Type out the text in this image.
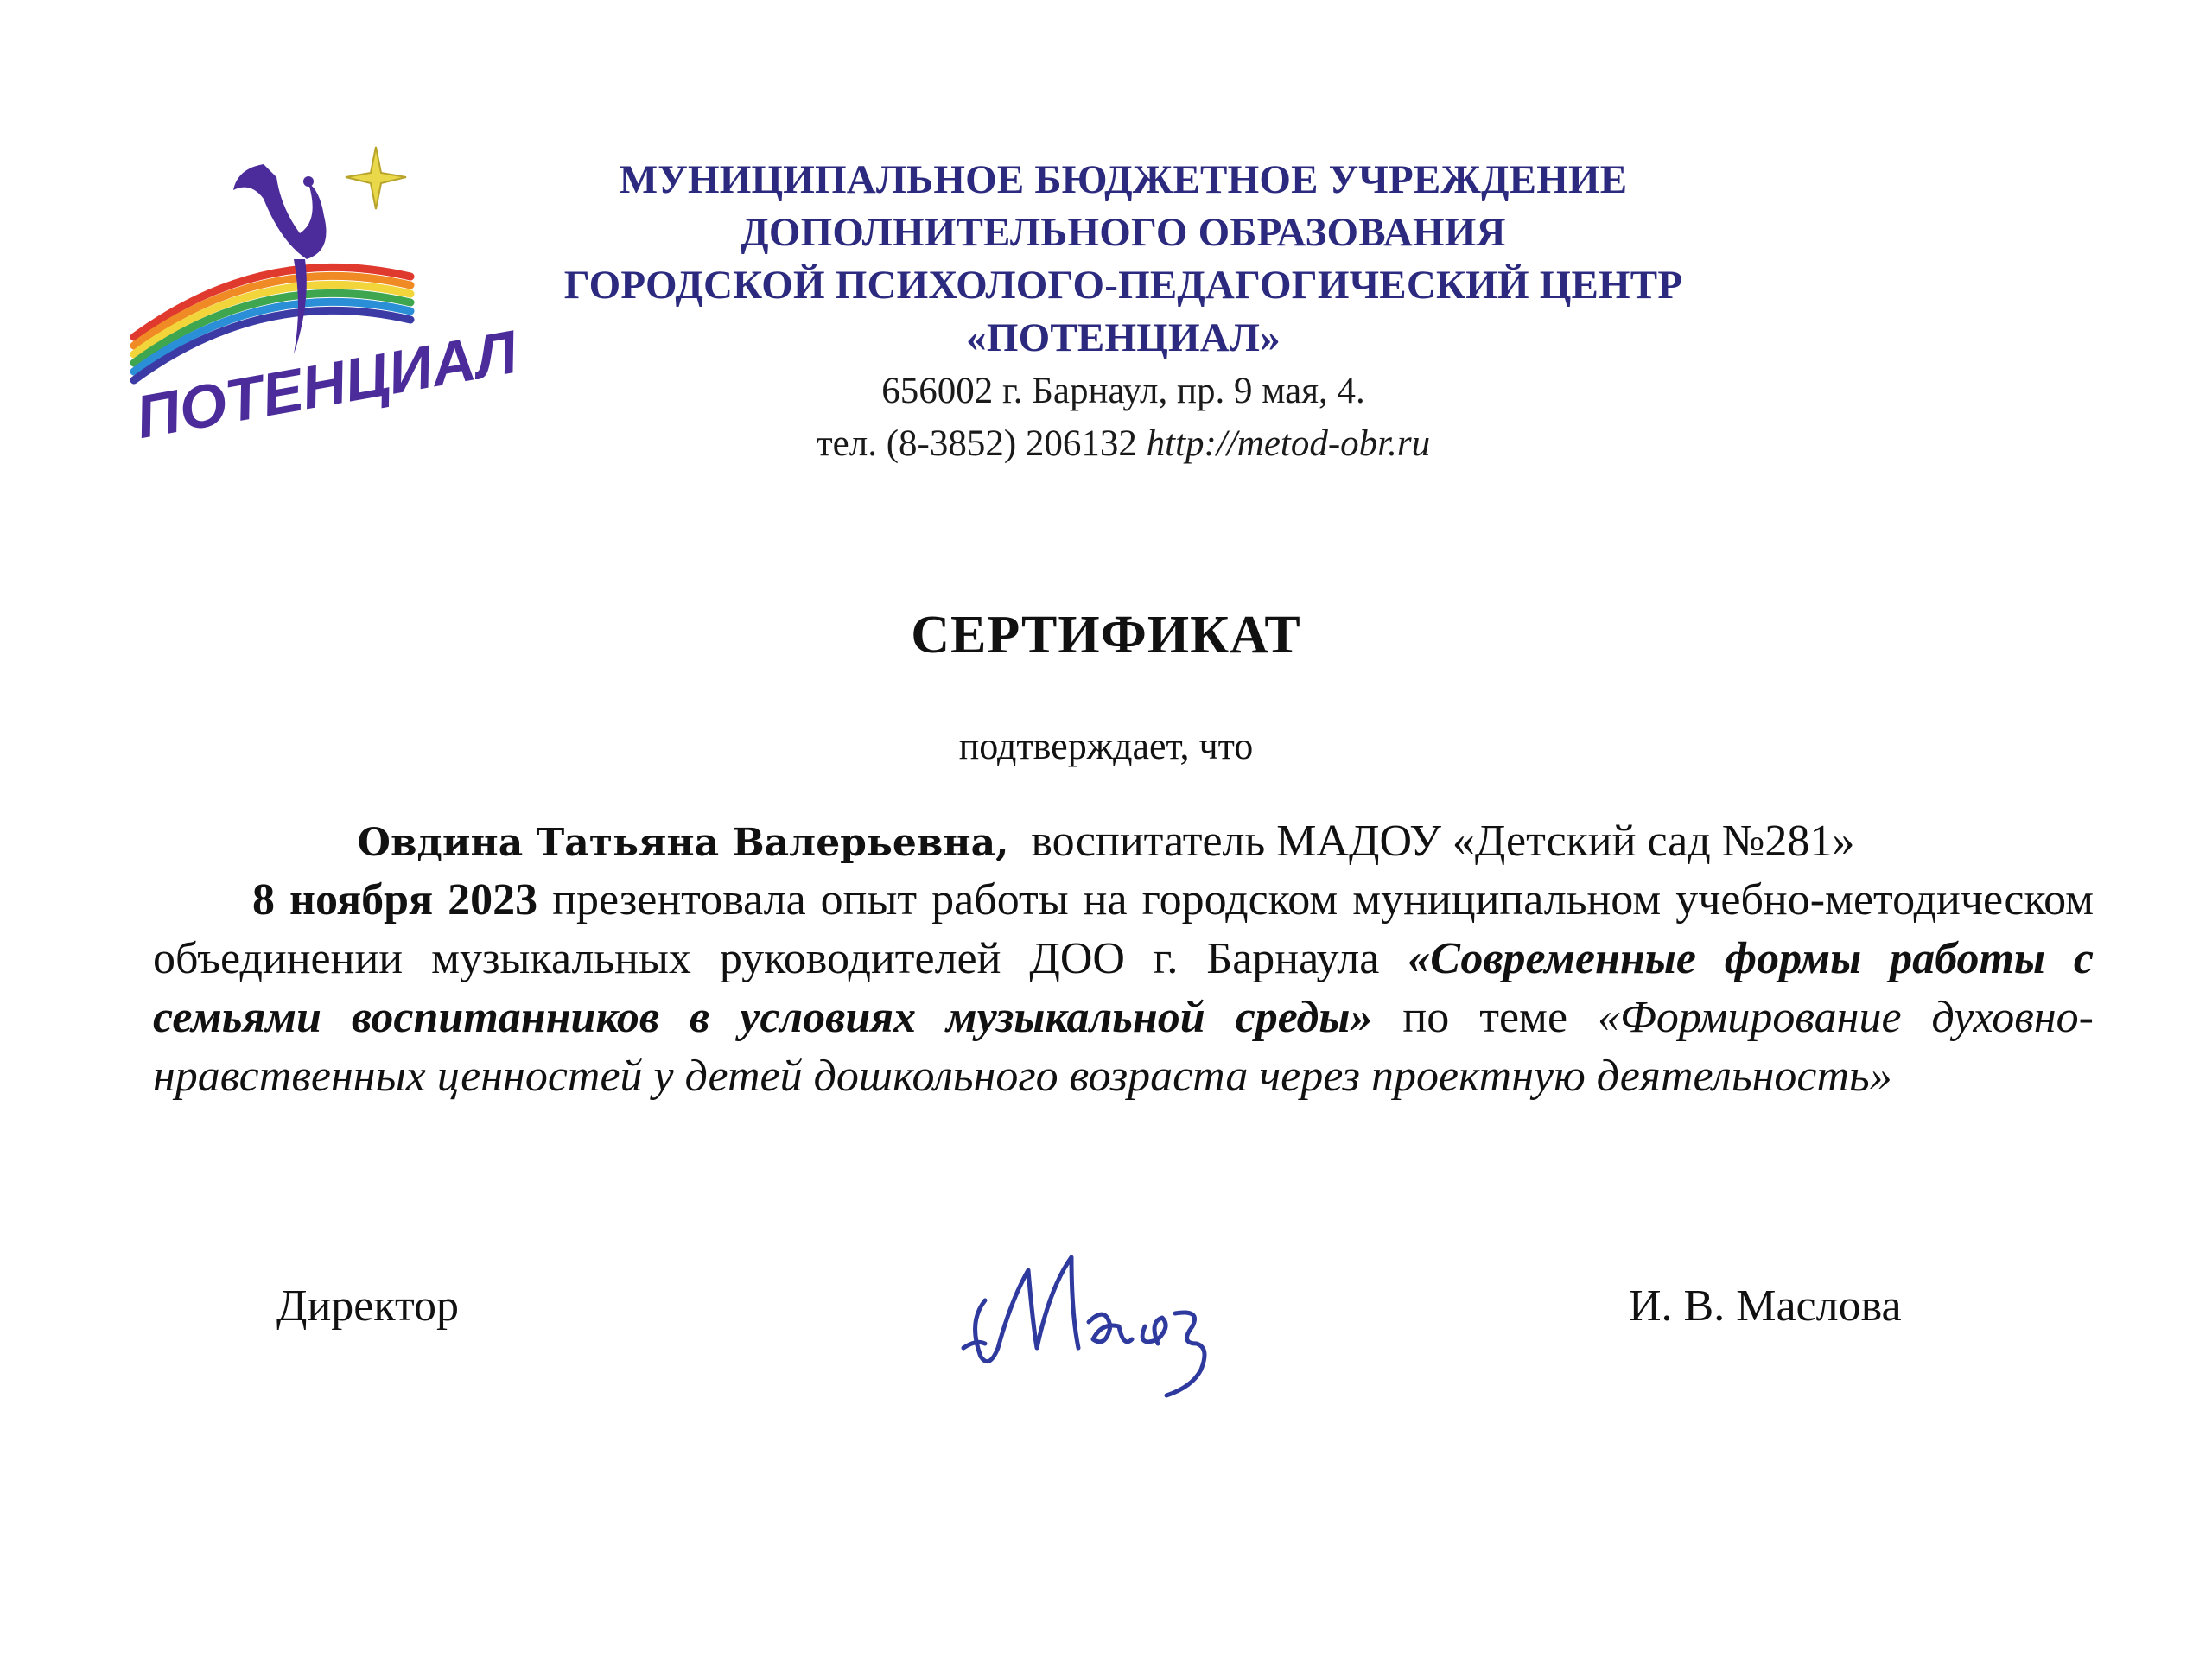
ПОТЕНЦИАЛ
МУНИЦИПАЛЬНОЕ БЮДЖЕТНОЕ УЧРЕЖДЕНИЕ
ДОПОЛНИТЕЛЬНОГО ОБРАЗОВАНИЯ
ГОРОДСКОЙ ПСИХОЛОГО-ПЕДАГОГИЧЕСКИЙ ЦЕНТР
«ПОТЕНЦИАЛ»
656002 г. Барнаул, пр. 9 мая, 4.
тел. (8-3852) 206132 http://metod-obr.ru
СЕРТИФИКАТ
подтверждает, что
Овдина Татьяна Валерьевна, воспитатель МАДОУ «Детский сад №281»
8 ноября 2023 презентовала опыт работы на городском муниципальном учебно-методическом объединении музыкальных руководителей ДОО г. Барнаула «Современные формы работы с семьями воспитанников в условиях музыкальной среды» по теме «Формирование духовно-нравственных ценностей у детей дошкольного возраста через проектную деятельность»
Директор	И. В. Маслова
